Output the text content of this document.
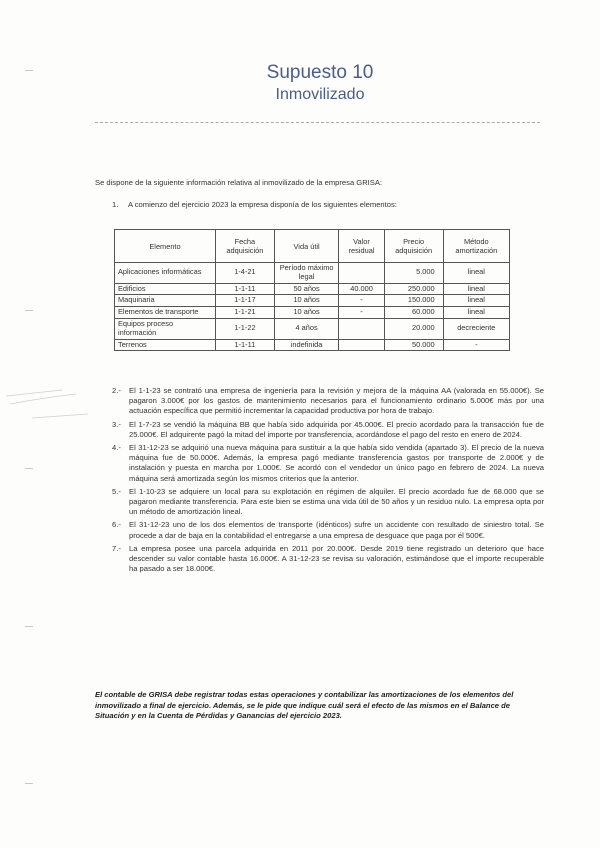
Supuesto 10
Inmovilizado
Se dispone de la siguiente información relativa al inmovilizado de la empresa GRISA:
1. A comienzo del ejercicio 2023 la empresa disponía de los siguientes elementos:
Elemento	Fecha adquisición	Vida útil	Valor residual	Precio adquisición	Método amortización
Aplicaciones informáticas	1-4-21	Período máximo legal		5.000	lineal
Edificios	1-1-11	50 años	40.000	250.000	lineal
Maquinaria	1-1-17	10 años	-	150.000	lineal
Elementos de transporte	1-1-21	10 años	-	60.000	lineal
Equipos proceso información	1-1-22	4 años		20.000	decreciente
Terrenos	1-1-11	indefinida		50.000	-
2.- El 1-1-23 se contrató una empresa de ingeniería para la revisión y mejora de la máquina AA (valorada en 55.000€). Se pagaron 3.000€ por los gastos de mantenimiento necesarios para el funcionamiento ordinario 5.000€ más por una actuación específica que permitió incrementar la capacidad productiva por hora de trabajo.
3.- El 1-7-23 se vendió la máquina BB que había sido adquirida por 45.000€. El precio acordado para la transacción fue de 25.000€. El adquirente pagó la mitad del importe por transferencia, acordándose el pago del resto en enero de 2024.
4.- El 31-12-23 se adquirió una nueva máquina para sustituir a la que había sido vendida (apartado 3). El precio de la nueva máquina fue de 50.000€. Además, la empresa pagó mediante transferencia gastos por transporte de 2.000€ y de instalación y puesta en marcha por 1.000€. Se acordó con el vendedor un único pago en febrero de 2024. La nueva máquina será amortizada según los mismos criterios que la anterior.
5.- El 1-10-23 se adquiere un local para su explotación en régimen de alquiler. El precio acordado fue de 68.000 que se pagaron mediante transferencia. Para este bien se estima una vida útil de 50 años y un residuo nulo. La empresa opta por un método de amortización lineal.
6.- El 31-12-23 uno de los dos elementos de transporte (idénticos) sufre un accidente con resultado de siniestro total. Se procede a dar de baja en la contabilidad el entregarse a una empresa de desguace que paga por él 500€.
7.- La empresa posee una parcela adquirida en 2011 por 20.000€. Desde 2019 tiene registrado un deterioro que hace descender su valor contable hasta 16.000€. A 31-12-23 se revisa su valoración, estimándose que el importe recuperable ha pasado a ser 18.000€.
El contable de GRISA debe registrar todas estas operaciones y contabilizar las amortizaciones de los elementos del inmovilizado a final de ejercicio. Además, se le pide que indique cuál será el efecto de las mismos en el Balance de Situación y en la Cuenta de Pérdidas y Ganancias del ejercicio 2023.
